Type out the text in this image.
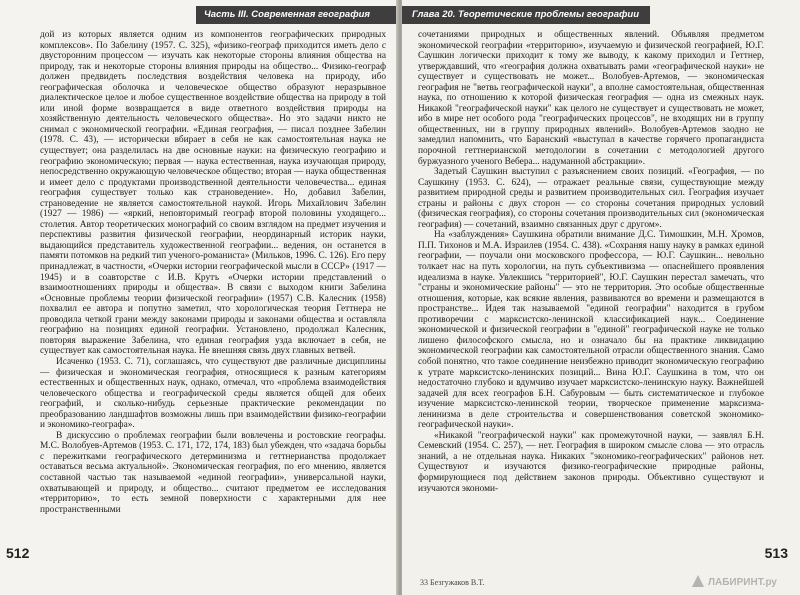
Часть III. Современная география

дой из которых является одним из компонентов географических природных комплексов». По Забелину (1957. С. 325), «физико-географ приходится иметь дело с двусторонним процессом — изучать как некоторые стороны влияния общества на природу, так и некоторые стороны влияния природы на общество... Физико-географ должен предвидеть последствия воздействия человека на природу, ибо географическая оболочка и человеческое общество образуют неразрывное диалектическое целое и любое существенное воздействие общества на природу в той или иной форме возвращается в виде ответного воздействия природы на хозяйственную деятельность человеческого общества». Но это задачи никто не снимал с экономической географии. «Единая география, — писал позднее Забелин (1978. С. 43), — исторически вбирает в себя не как самостоятельная наука не существует; она разделилась на две основные науки: на физическую географию и географию экономическую; первая — наука естественная, наука изучающая природу, непосредственно окружающую человеческое общество; вторая — наука общественная и имеет дело с продуктами производственной деятельности человечества... единая география существует только как страноведение». Но, добавил Забелин, страноведение не является самостоятельной наукой. Игорь Михайлович Забелин (1927 — 1986) — «яркий, неповторимый географ второй половины уходящего... столетия. Автор теоретических монографий со своим взглядом на предмет изучения и перспективы развития физической географии, неординарный историк науки, выдающийся представитель художественной географии... ведения, он останется в памяти потомков на редкий тип ученого-романиста» (Мильков, 1996. С. 126). Его перу принадлежат, в частности, «Очерки истории географической мысли в СССР» (1917 — 1945) и в соавторстве с И.В. Крутъ «Очерки истории представлений о взаимоотношениях природы и общества». В связи с выходом книги Забелина «Основные проблемы теории физической географии» (1957) С.В. Калесник (1958) похвалил ее автора и попутно заметил, что хорологическая теория Геттнера не проводила четкой грани между законами природы и законами общества и оставляла географию на позициях единой географии. Установлено, продолжал Калесник, повторяя выражение Забелина, что единая география узда включает в себя, не существует как самостоятельная наука. Не внешняя связь двух главных ветвей.

Исаченко (1953. С. 71), соглашаясь, что существуют две различные дисциплины — физическая и экономическая география, относящиеся к разным категориям естественных и общественных наук, однако, отмечал, что «проблема взаимодействия человеческого общества и географической среды является общей для обеих географий, и сколько-нибудь серьезные практические рекомендации по преобразованию ландшафтов возможны лишь при взаимодействии физико-географии и экономико-географа».

В дискуссию о проблемах географии были вовлечены и ростовские географы. М.С. Волобуев-Артемов (1953. С. 171, 172, 174, 183) был убежден, что «задача борьбы с пережитками географического детерминизма и геттнерианства продолжает оставаться весьма актуальной». Экономическая география, по его мнению, является составной частью так называемой «единой географии», универсальной науки, охватывающей и природу, и общество... считают предметом ее исследования «территорию», то есть земной поверхности с характерными для нее пространственными

512
Глава 20. Теоретические проблемы географии

сочетаниями природных и общественных явлений. Объявляя предметом экономической географии «территорию», изучаемую и физической географией, Ю.Г. Саушкин логически приходит к тому же выводу, к какому приходил и Геттнер, утверждавший, что «география должна охватывать рами «географической науки» не существует и существовать не может... Волобуев-Артемов, — экономическая география не "ветвь географической науки", а вполне самостоятельная, общественная наука, по отношению к которой физическая география — одна из смежных наук. Никакой "географической науки" как целого не существует и существовать не может, ибо в мире нет особого рода "географических процессов", не входящих ни в группу общественных, ни в группу природных явлений». Волобуев-Артемов заодно не замедлил напомнить, что Баранский «выступал в качестве горячего пропагандиста порочной геттнерианской методологии в сочетании с методологией другого буржуазного ученого Вебера... надуманной абстракции».

Задетый Саушкин выступил с разъяснением своих позиций. «География, — по Саушкину (1953. С. 624), — отражает реальные связи, существующие между развитием природной среды и развитием производительных сил. География изучает страны и районы с двух сторон — со стороны сочетания природных условий (физическая география), со стороны сочетания производительных сил (экономическая география) — сочетаний, взаимно связанных друг с другом».

На «заблуждения» Саушкина обратили внимание Д.С. Тимошкин, М.Н. Хромов, П.П. Тихонов и М.А. Израилев (1954. С. 438). «Сохраняя нашу науку в рамках единой географии, — поучали они московского профессора, — Ю.Г. Саушкин... невольно толкает нас на путь хорологии, на путь субъективизма — опаснейшего проявления идеализма в науке. Увлекшись "территорией", Ю.Г. Саушкин перестал замечать, что "страны и экономические районы" — это не территория. Это особые общественные отношения, которые, как всякие явления, развиваются во времени и размещаются в пространстве... Идея так называемой "единой географии" находится в грубом противоречии с марксистско-ленинской классификацией наук... Соединение экономической и физической географии в "единой" географической науке не только лишено философского смысла, но и означало бы на практике ликвидацию экономической географии как самостоятельной отрасли общественного знания. Само собой понятно, что такое соединение неизбежно приводит экономическую географию к утрате марксистско-ленинских позиций... Вина Ю.Г. Саушкина в том, что он недостаточно глубоко и вдумчиво изучает марксистско-ленинскую науку. Важнейшей задачей для всех географов Б.Н. Сабуровым — быть систематическое и глубокое изучение марксистско-ленинской теории, творческое применение марксизма-ленинизма в деле строительства и совершенствования советской экономико-географической науки».

«Никакой "географической науки" как промежуточной науки, — заявлял Б.Н. Семевский (1954. С. 257), — нет. География в широком смысле слова — это отрасль знаний, а не отдельная наука. Никаких "экономико-географических" районов нет. Существуют и изучаются физико-географические природные районы, формирующиеся под действием законов природы. Объективно существуют и изучаются экономи-

513
33 Безгужаков В.Т.	ЛАБИРИНТ.ру
